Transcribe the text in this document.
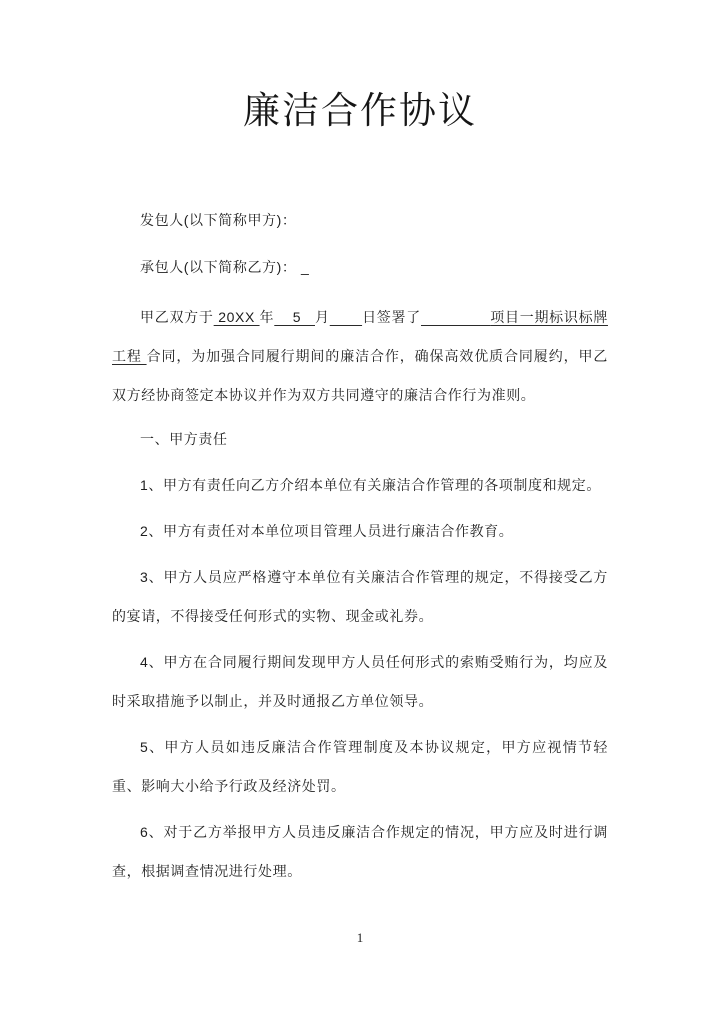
廉洁合作协议

发包人(以下简称甲方)：

承包人(以下简称乙方)： _

甲乙双方于 20XX 年    5   月 日签署了	项目一期标识标牌工程 合同，为加强合同履行期间的廉洁合作，确保高效优质合同履约，甲乙双方经协商签定本协议并作为双方共同遵守的廉洁合作行为准则。

一、甲方责任

1、甲方有责任向乙方介绍本单位有关廉洁合作管理的各项制度和规定。

2、甲方有责任对本单位项目管理人员进行廉洁合作教育。

3、甲方人员应严格遵守本单位有关廉洁合作管理的规定，不得接受乙方的宴请，不得接受任何形式的实物、现金或礼券。

4、甲方在合同履行期间发现甲方人员任何形式的索贿受贿行为，均应及时采取措施予以制止，并及时通报乙方单位领导。

5、甲方人员如违反廉洁合作管理制度及本协议规定，甲方应视情节轻重、影响大小给予行政及经济处罚。

6、对于乙方举报甲方人员违反廉洁合作规定的情况，甲方应及时进行调查，根据调查情况进行处理。

1
